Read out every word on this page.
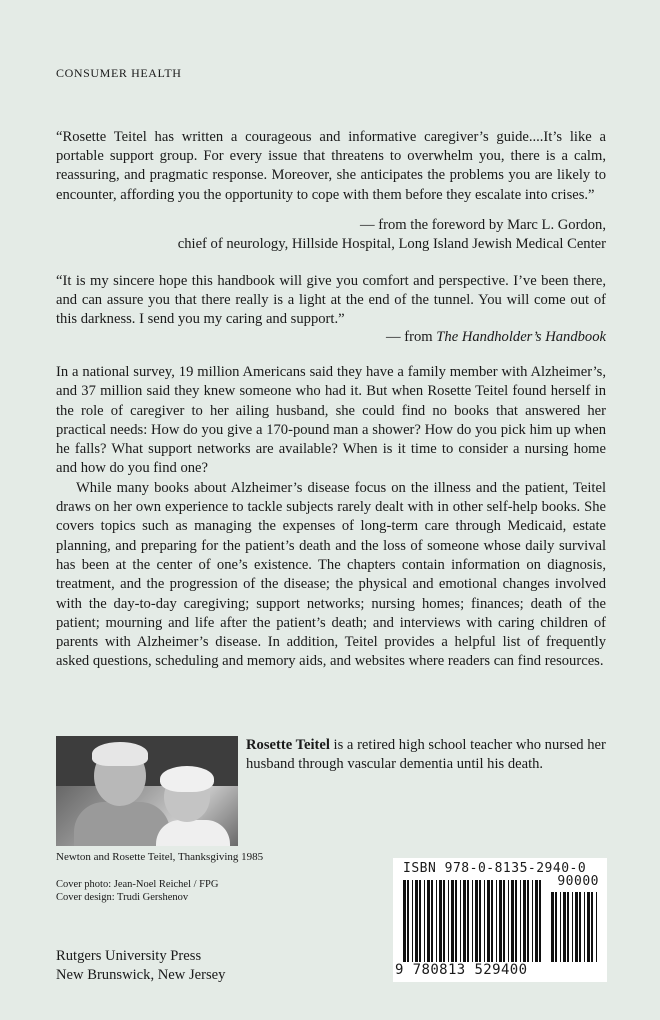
CONSUMER HEALTH
“Rosette Teitel has written a courageous and informative caregiver’s guide....It’s like a portable support group. For every issue that threatens to overwhelm you, there is a calm, reassuring, and pragmatic response. Moreover, she anticipates the problems you are likely to encounter, affording you the opportunity to cope with them before they escalate into crises.”
— from the foreword by Marc L. Gordon,
chief of neurology, Hillside Hospital, Long Island Jewish Medical Center
“It is my sincere hope this handbook will give you comfort and perspective. I’ve been there, and can assure you that there really is a light at the end of the tunnel. You will come out of this darkness. I send you my caring and support.”
— from The Handholder’s Handbook

In a national survey, 19 million Americans said they have a family member with Alzheimer’s, and 37 million said they knew someone who had it. But when Rosette Teitel found herself in the role of caregiver to her ailing husband, she could find no books that answered her practical needs: How do you give a 170-pound man a shower? How do you pick him up when he falls? What support networks are available? When is it time to consider a nursing home and how do you find one?

While many books about Alzheimer’s disease focus on the illness and the patient, Teitel draws on her own experience to tackle subjects rarely dealt with in other self-help books. She covers topics such as managing the expenses of long-term care through Medicaid, estate planning, and preparing for the patient’s death and the loss of someone whose daily survival has been at the center of one’s existence. The chapters contain information on diagnosis, treatment, and the progression of the disease; the physical and emotional changes involved with the day-to-day caregiving; support networks; nursing homes; finances; death of the patient; mourning and life after the patient’s death; and interviews with caring children of parents with Alzheimer’s disease. In addition, Teitel provides a helpful list of frequently asked questions, scheduling and memory aids, and websites where readers can find resources.

Newton and Rosette Teitel, Thanksgiving 1985
Rosette Teitel is a retired high school teacher who nursed her husband through vascular dementia until his death.
Cover photo: Jean-Noel Reichel / FPG
Cover design: Trudi Gershenov
Rutgers University Press
New Brunswick, New Jersey
ISBN 978-0-8135-2940-0
90000
9 780813 529400
